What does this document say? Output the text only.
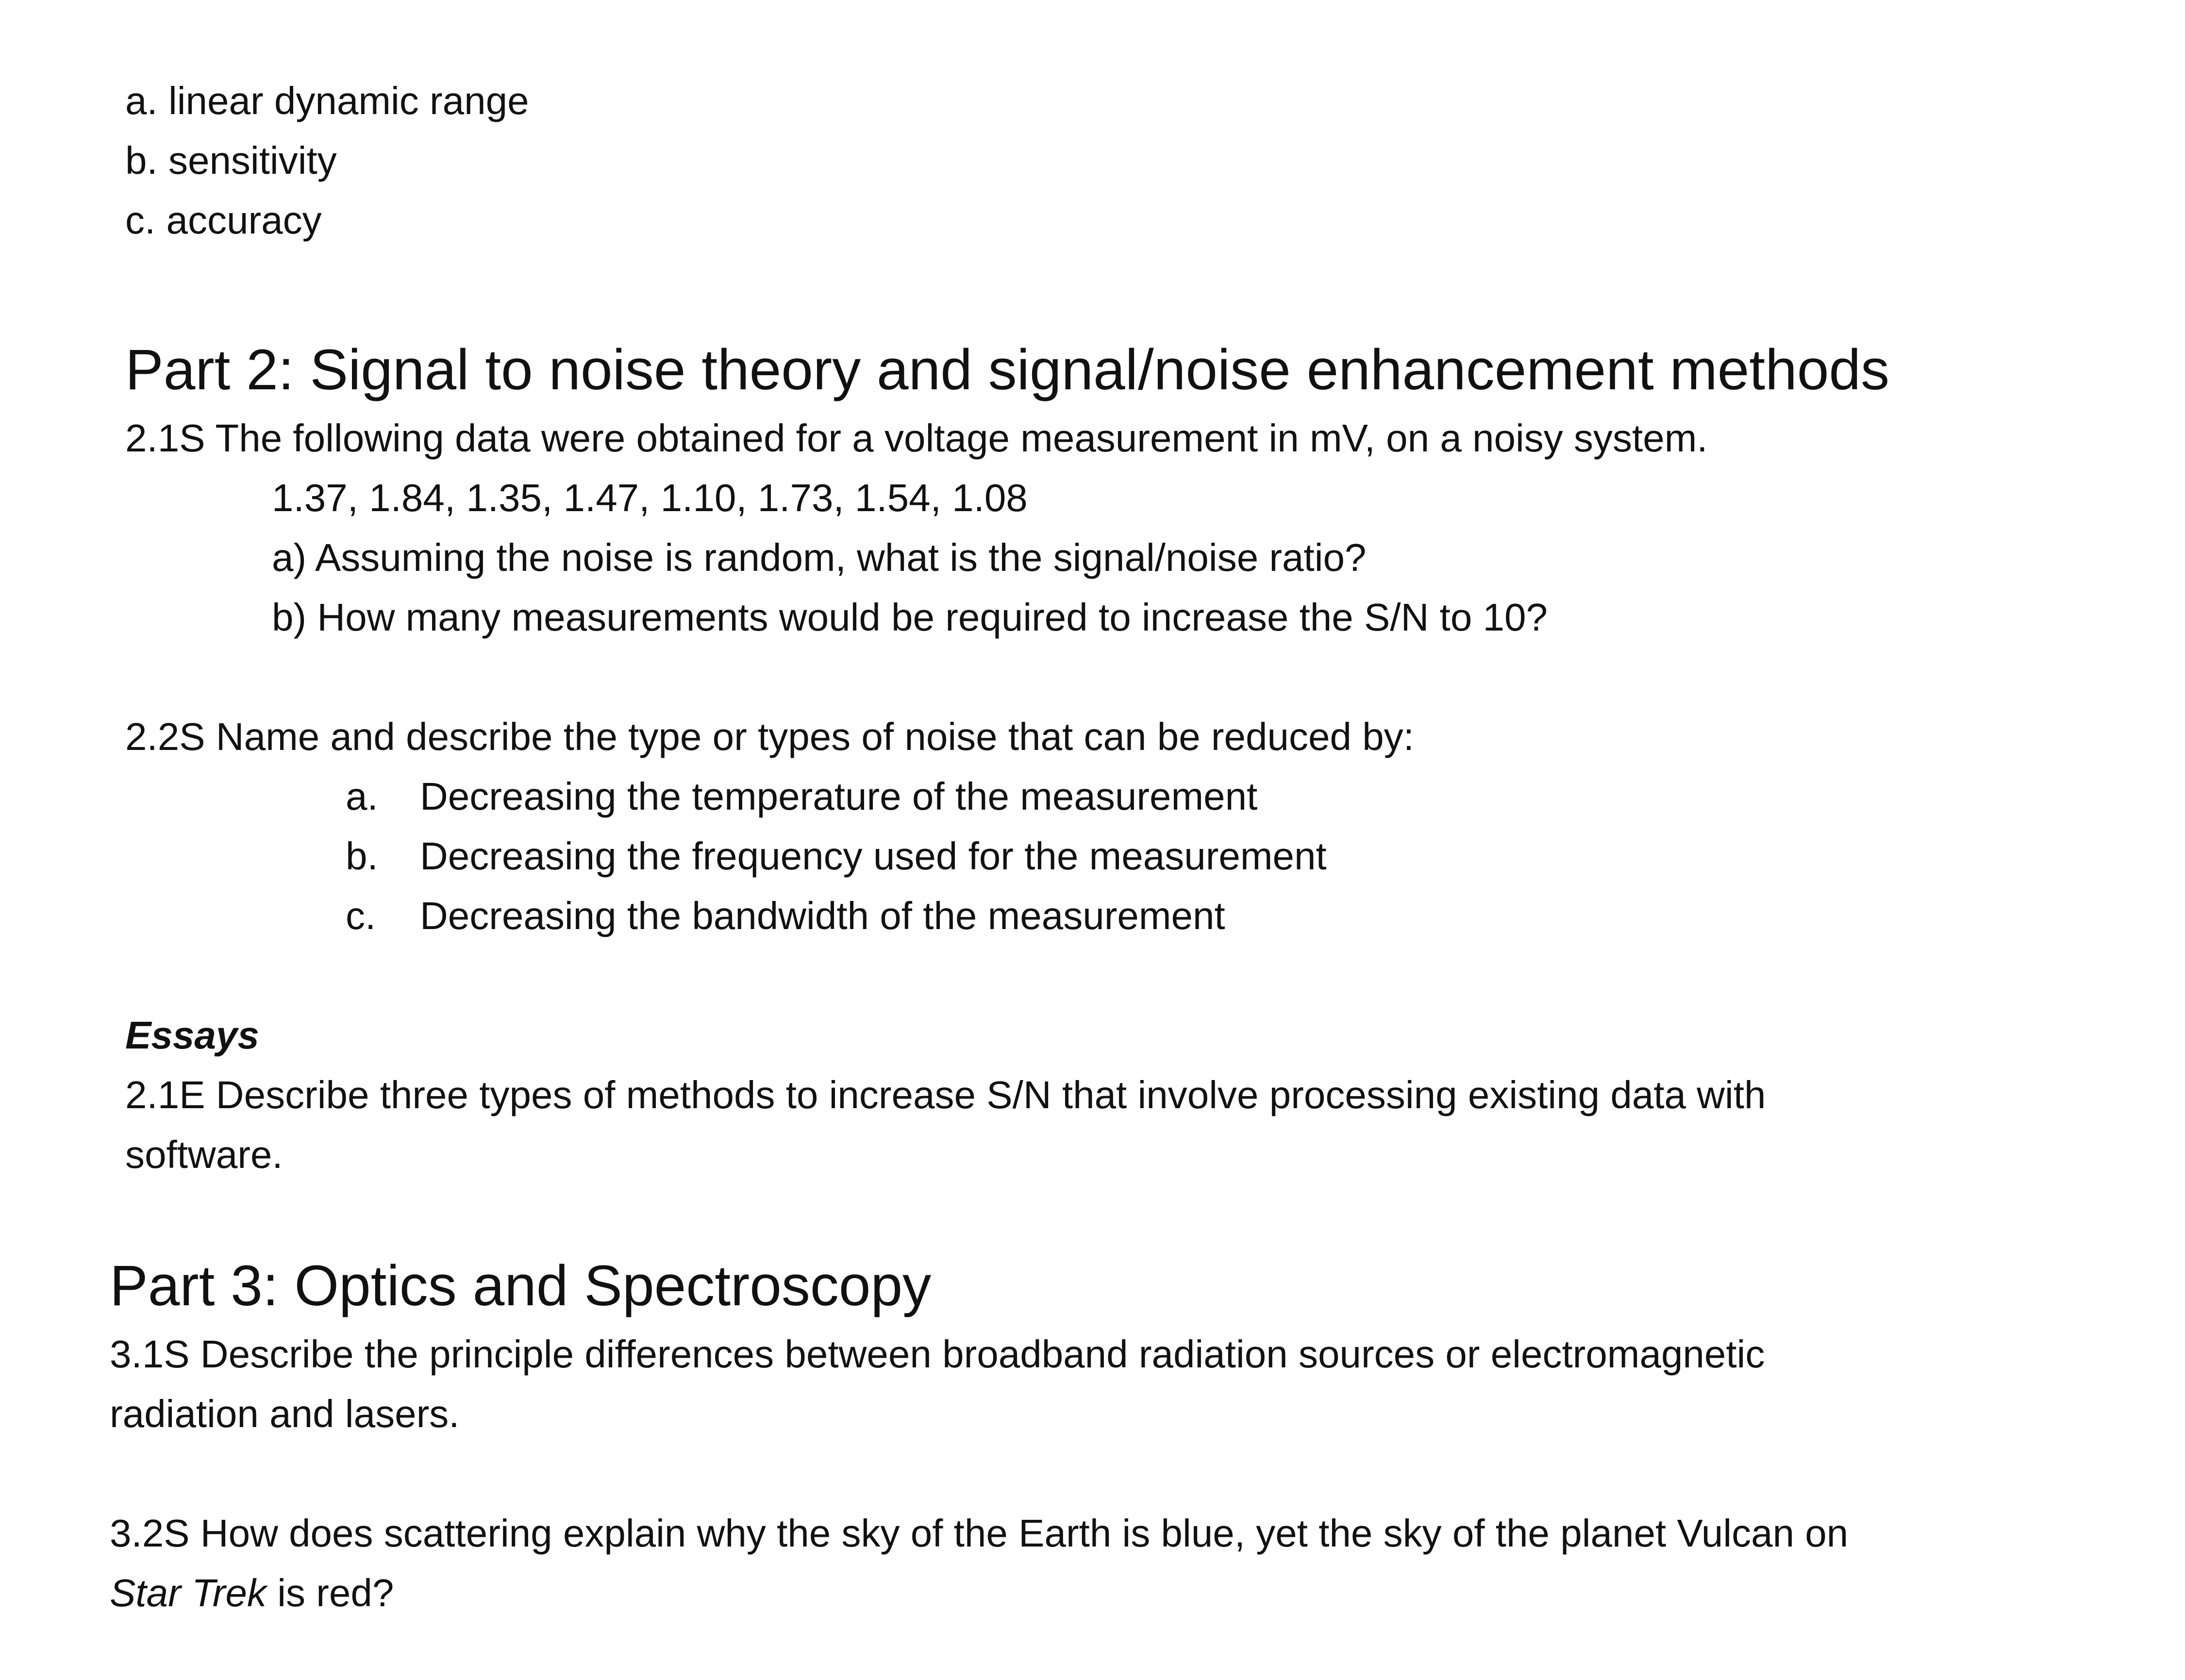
a. linear dynamic range
b. sensitivity
c. accuracy
Part 2: Signal to noise theory and signal/noise enhancement methods
2.1S The following data were obtained for a voltage measurement in mV, on a noisy system.
1.37, 1.84, 1.35, 1.47, 1.10, 1.73, 1.54, 1.08
a) Assuming the noise is random, what is the signal/noise ratio?
b) How many measurements would be required to increase the S/N to 10?
2.2S Name and describe the type or types of noise that can be reduced by:
a. Decreasing the temperature of the measurement
b. Decreasing the frequency used for the measurement
c. Decreasing the bandwidth of the measurement
Essays
2.1E Describe three types of methods to increase S/N that involve processing existing data with
software.
Part 3: Optics and Spectroscopy
3.1S Describe the principle differences between broadband radiation sources or electromagnetic
radiation and lasers.
3.2S How does scattering explain why the sky of the Earth is blue, yet the sky of the planet Vulcan on
Star Trek is red?
